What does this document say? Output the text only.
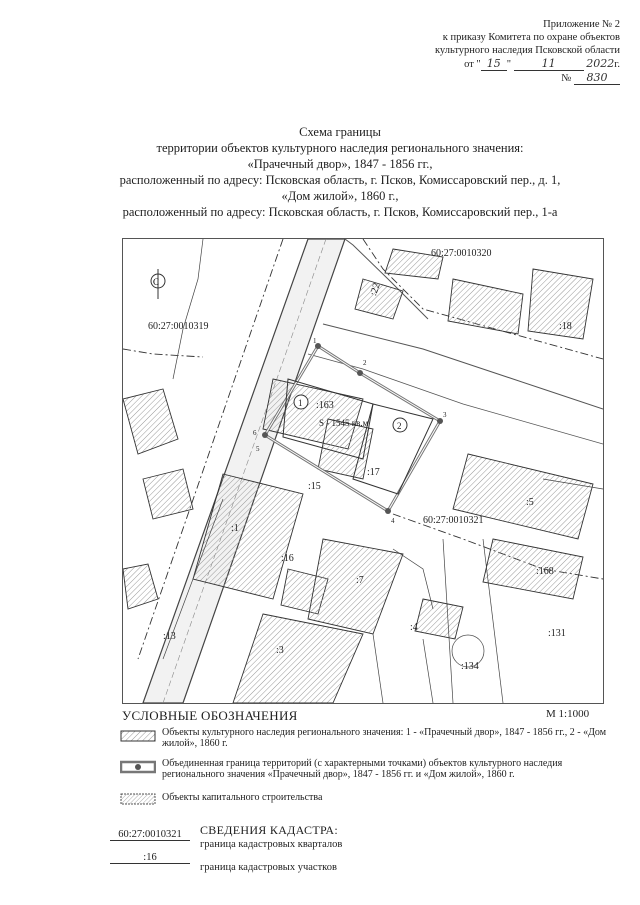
Приложение № 2
к приказу Комитета по охране объектов
культурного наследия Псковской области
от " 15 "	11	2022г.
№ 830
Схема границы
территории объектов культурного наследия регионального значения:
«Прачечный двор», 1847 - 1856 гг.,
расположенный по адресу: Псковская область, г. Псков, Комиссаровский пер., д. 1,
«Дом жилой», 1860 г.,
расположенный по адресу: Псковская область, г. Псков, Комиссаровский пер., 1-а
С
60:27:0010320
60:27:0010319
60:27:0010321
:22
:18
:163
:17
:15
:5
:1
:16
:7
:168
:4
:13
:3
:131
:134
1
2
S - 1545 кв.м
1
2
3
4
5
6
УСЛОВНЫЕ ОБОЗНАЧЕНИЯ	М 1:1000
Объекты культурного наследия регионального значения: 1 - «Прачечный двор», 1847 - 1856 гг., 2 - «Дом жилой», 1860 г.
Объединенная граница территорий (с характерными точками) объектов культурного наследия регионального значения «Прачечный двор», 1847 - 1856 гг. и «Дом жилой», 1860 г.
Объекты капитального строительства
СВЕДЕНИЯ КАДАСТРА:
60:27:0010321
граница кадастровых кварталов
:16
граница кадастровых участков
